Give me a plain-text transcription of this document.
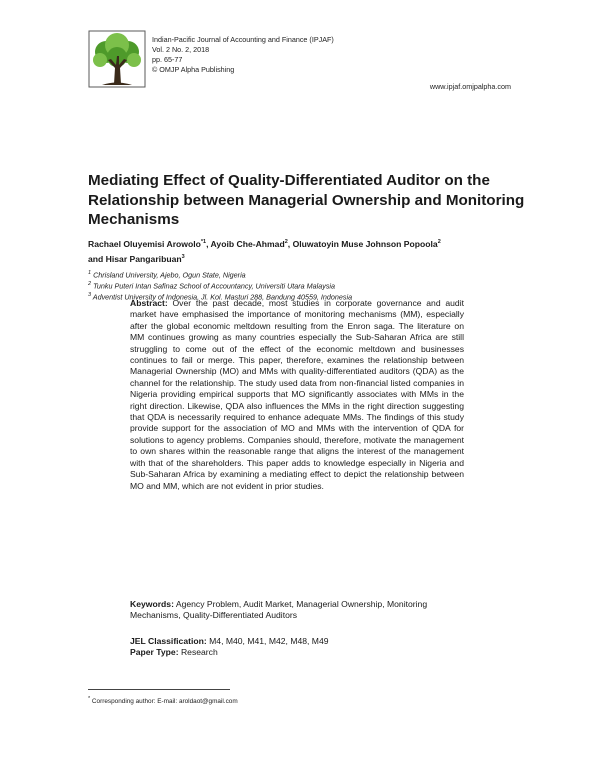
Indian-Pacific Journal of Accounting and Finance (IPJAF)
Vol. 2 No. 2, 2018
pp. 65-77
© OMJP Alpha Publishing
www.ipjaf.omjpalpha.com
Mediating Effect of Quality-Differentiated Auditor on the Relationship between Managerial Ownership and Monitoring Mechanisms
Rachael Oluyemisi Arowolo$^{*1}$, Ayoib Che-Ahmad$^2$, Oluwatoyin Muse Johnson Popoola$^2$
and Hisar Pangaribuan$^3$
$^1$ Chrisland University, Ajebo, Ogun State, Nigeria
$^2$ Tunku Puteri Intan Safinaz School of Accountancy, Universiti Utara Malaysia
$^3$ Adventist University of Indonesia, Jl. Kol. Masturi 288, Bandung 40559, Indonesia
Abstract: Over the past decade, most studies in corporate governance and audit market have emphasised the importance of monitoring mechanisms (MM), especially after the global economic meltdown resulting from the Enron saga. The literature on MM continues growing as many countries especially the Sub-Saharan Africa are still struggling to come out of the effect of the economic meltdown and businesses continues to fail or merge. This paper, therefore, examines the relationship between Managerial Ownership (MO) and MMs with quality-differentiated auditors (QDA) as the channel for the relationship. The study used data from non-financial listed companies in Nigeria providing empirical supports that MO significantly associates with MMs in the right direction. Likewise, QDA also influences the MMs in the right direction suggesting that QDA is necessarily required to enhance adequate MMs. The findings of this study provide support for the association of MO and MMs with the intervention of QDA for solutions to agency problems. Companies should, therefore, motivate the management to own shares within the reasonable range that aligns the interest of the management with that of the shareholders. This paper adds to knowledge especially in Nigeria and Sub-Saharan Africa by examining a mediating effect to depict the relationship between MO and MM, which are not evident in prior studies.
Keywords: Agency Problem, Audit Market, Managerial Ownership, Monitoring Mechanisms, Quality-Differentiated Auditors
JEL Classification: M4, M40, M41, M42, M48, M49
Paper Type: Research
* Corresponding author: E-mail: aroldaot@gmail.com
